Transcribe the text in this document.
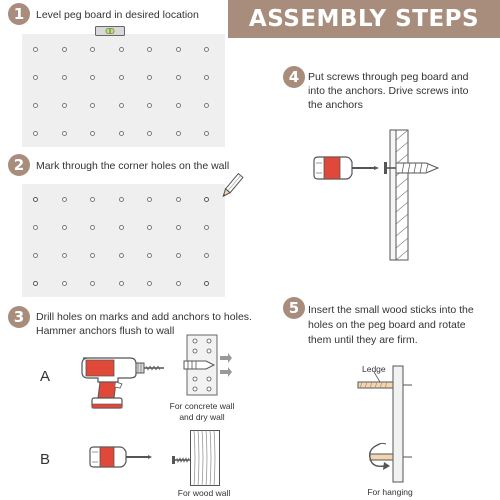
ASSEMBLY STEPS
1	Level peg board in desired location
2	Mark through the corner holes on the wall
3	Drill holes on marks and add anchors to holes.
Hammer anchors flush to wall
A
For concrete wall
and dry wall
B
For wood wall
4 Put screws through peg board and
into the anchors. Drive screws into
the anchors
5 Insert the small wood sticks into the
holes on the peg board and rotate
them until they are firm.
Ledge
For hanging
